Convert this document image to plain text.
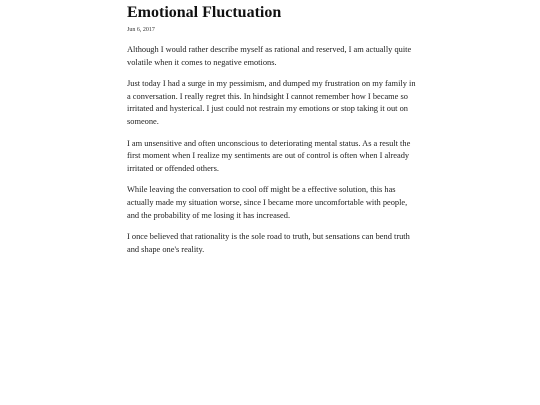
Emotional Fluctuation
Jun 6, 2017

Although I would rather describe myself as rational and reserved, I am actually quite volatile when it comes to negative emotions.

Just today I had a surge in my pessimism, and dumped my frustration on my family in a conversation. I really regret this. In hindsight I cannot remember how I became so irritated and hysterical. I just could not restrain my emotions or stop taking it out on someone.

I am unsensitive and often unconscious to deteriorating mental status. As a result the first moment when I realize my sentiments are out of control is often when I already irritated or offended others.

While leaving the conversation to cool off might be a effective solution, this has actually made my situation worse, since I became more uncomfortable with people, and the probability of me losing it has increased.

I once believed that rationality is the sole road to truth, but sensations can bend truth and shape one's reality.
